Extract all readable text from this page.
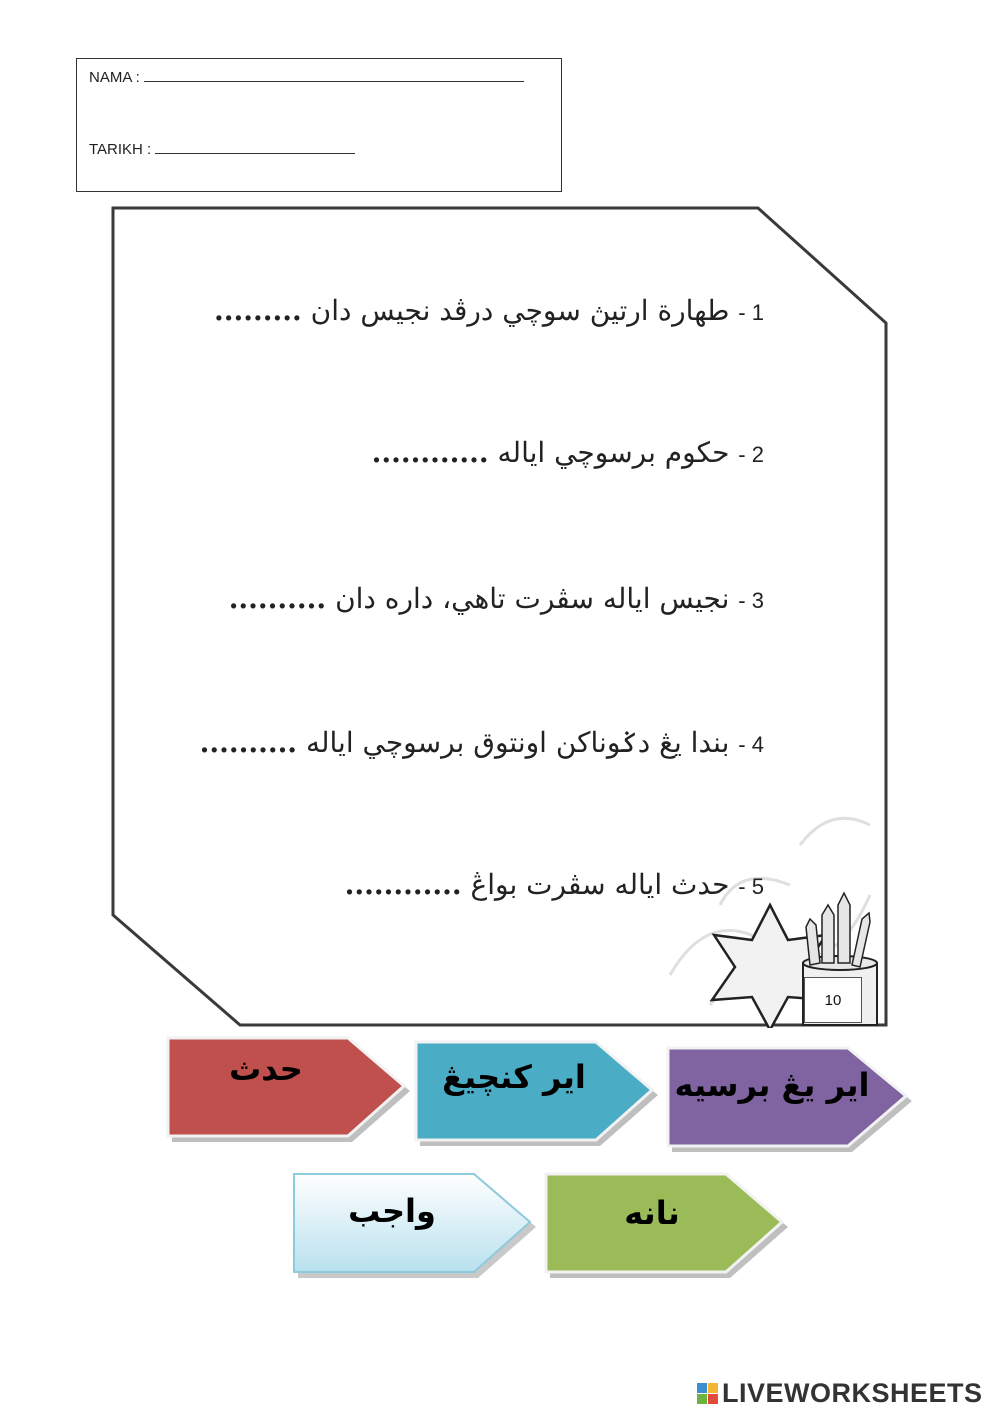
NAMA :
TARIKH :
1 - طهارة ارتيڽ سوچي درڤد نجيس دان .........
2 - حکوم برسوچي اياله ............
3 - نجيس اياله سڤرت تاهي، داره دان ..........
4 - بندا يڠ دݢوناکن اونتوق برسوچي اياله ..........
5 - حدث اياله سڤرت بواڠ ............
10
حدث	اير کنچيڠ	اير يڠ برسيه
واجب	نانه
LIVEWORKSHEETS
